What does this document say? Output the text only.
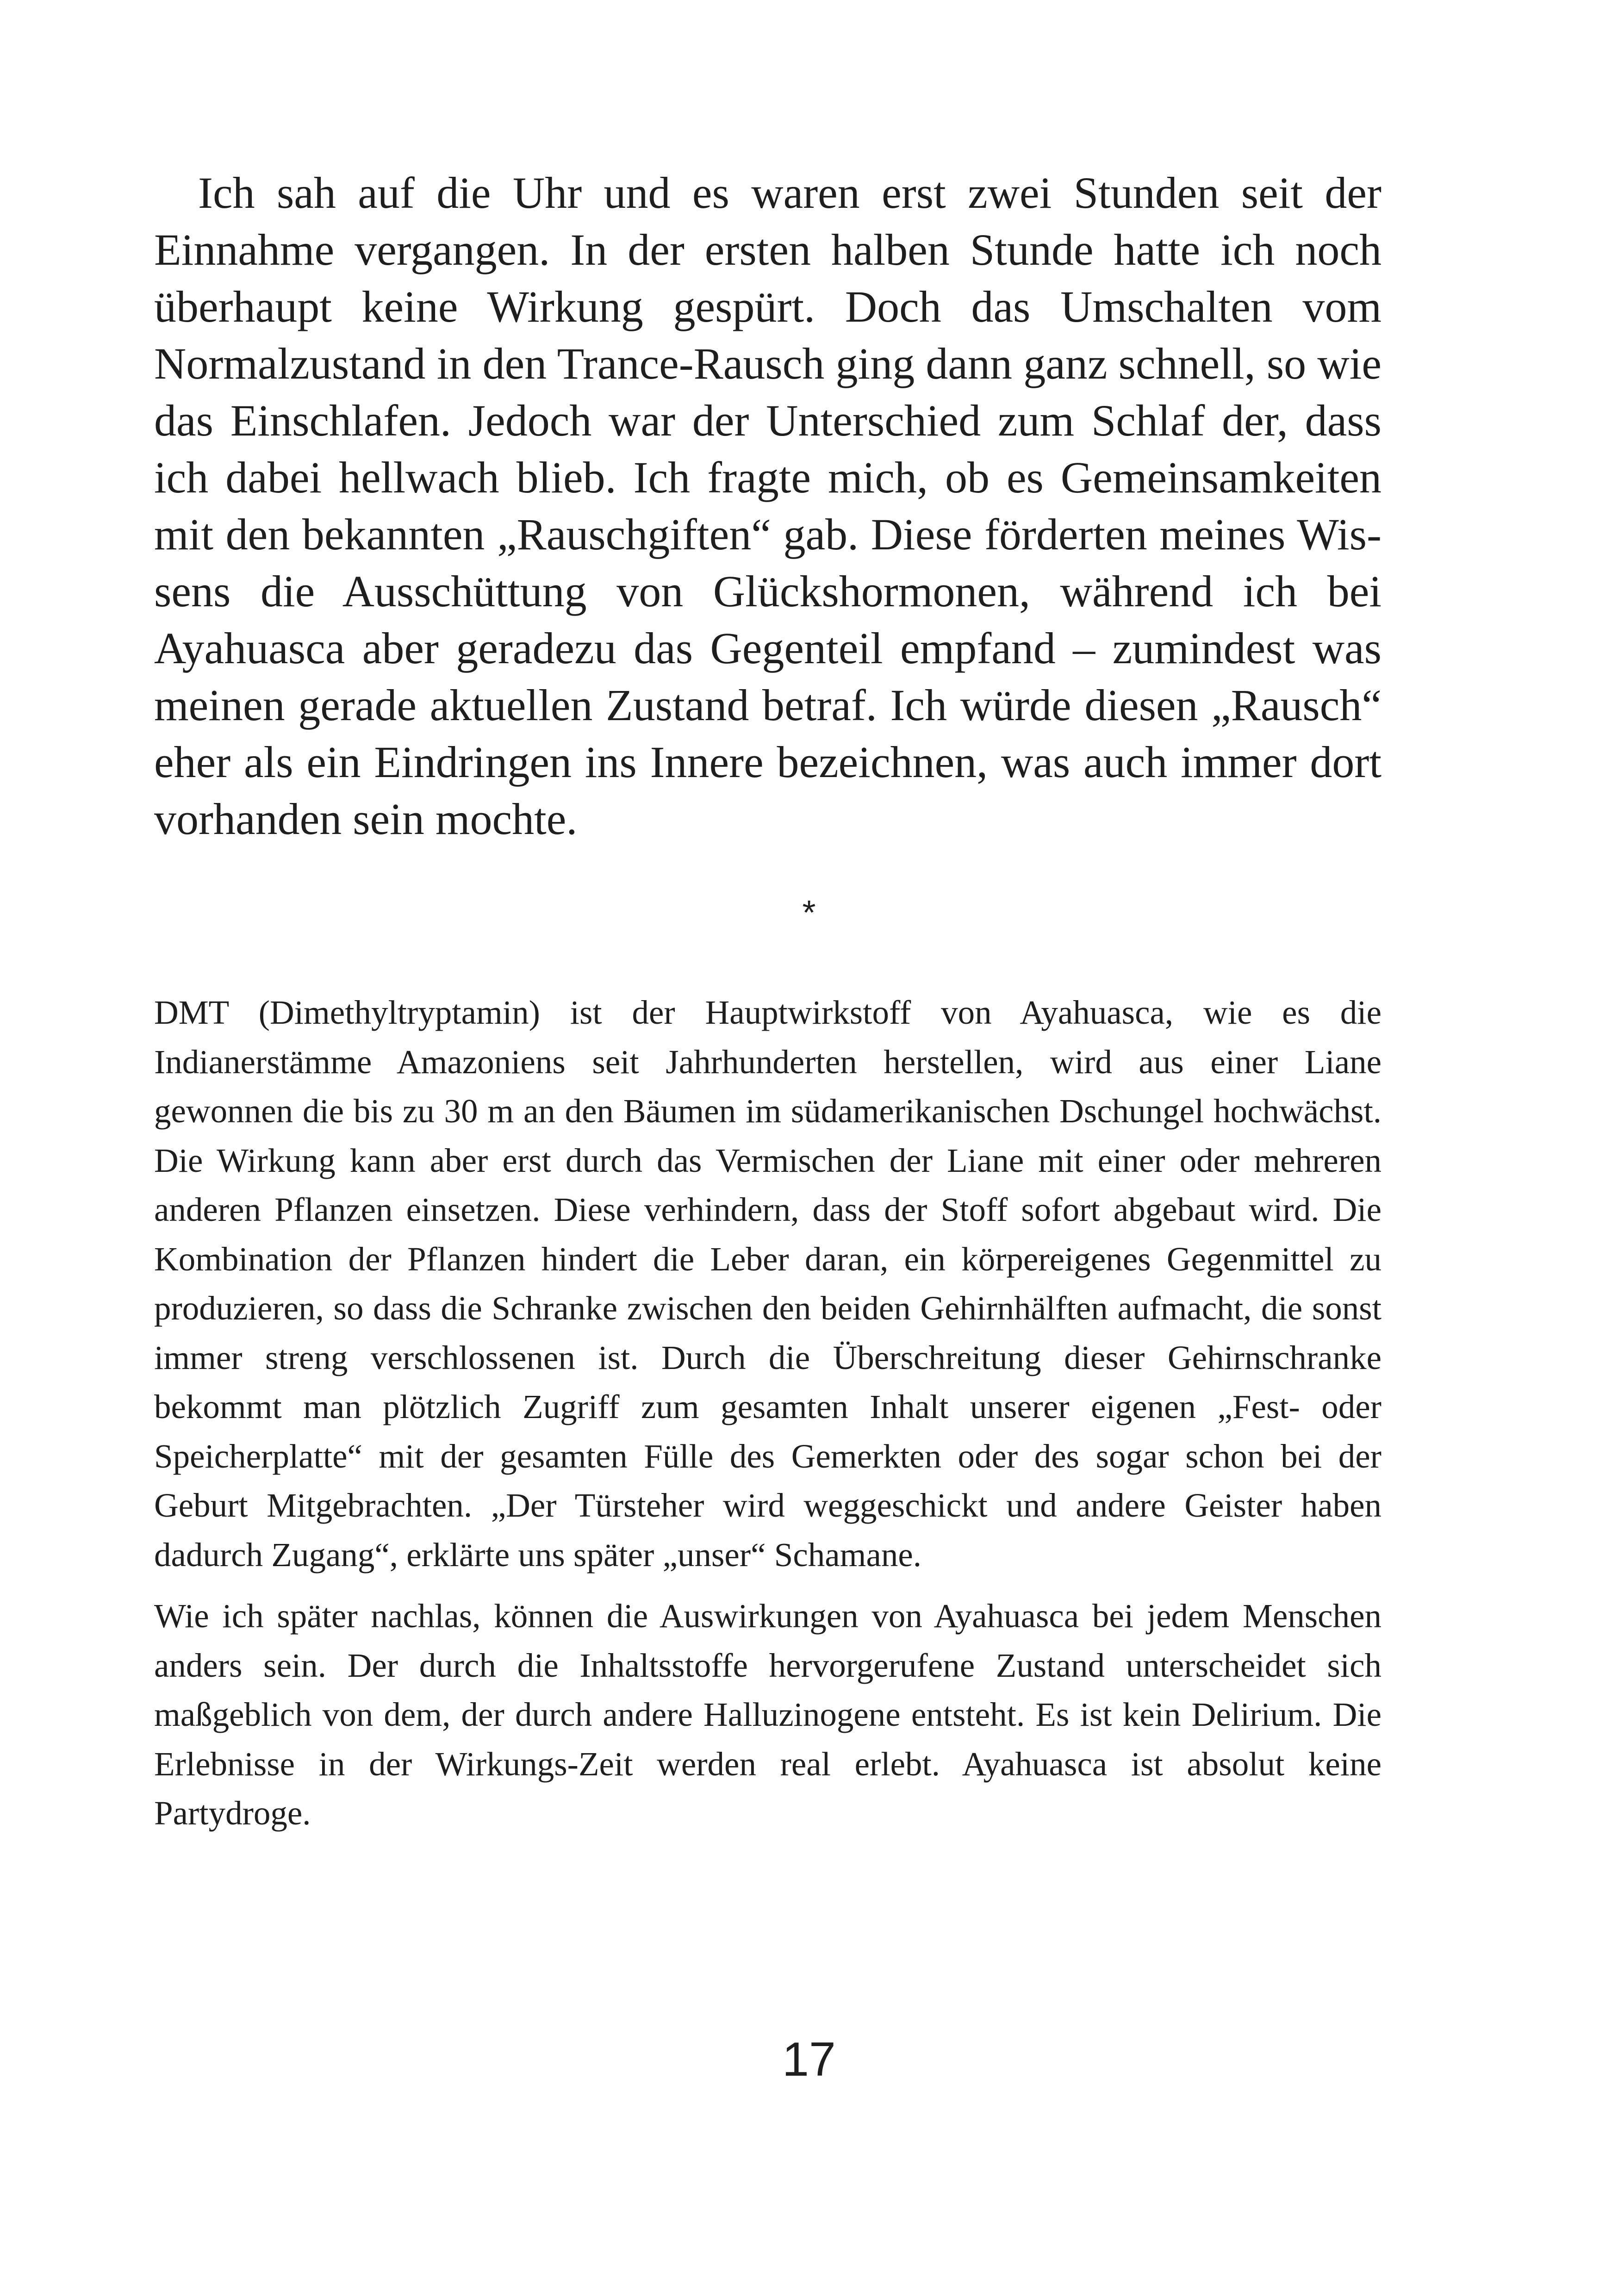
Ich sah auf die Uhr und es waren erst zwei Stunden seit der Einnahme vergangen. In der ersten halben Stunde hatte ich noch überhaupt keine Wirkung gespürt. Doch das Umschalten vom Normalzustand in den Trance-Rausch ging dann ganz schnell, so wie das Einschlafen. Jedoch war der Unterschied zum Schlaf der, dass ich dabei hellwach blieb. Ich fragte mich, ob es Gemeinsamkeiten mit den bekannten „Rauschgiften“ gab. Diese förderten meines Wissens die Ausschüttung von Glückshormonen, während ich bei Ayahuasca aber geradezu das Gegenteil empfand – zumindest was meinen gerade aktuellen Zustand betraf. Ich würde diesen „Rausch“ eher als ein Eindringen ins Innere bezeichnen, was auch immer dort vorhanden sein mochte.

*

DMT (Dimethyltryptamin) ist der Hauptwirkstoff von Ayahuasca, wie es die Indianerstämme Amazoniens seit Jahrhunderten herstellen, wird aus einer Liane gewonnen die bis zu 30 m an den Bäumen im südamerikanischen Dschungel hochwächst. Die Wirkung kann aber erst durch das Vermischen der Liane mit einer oder mehreren anderen Pflanzen einsetzen. Diese verhindern, dass der Stoff sofort abgebaut wird. Die Kombination der Pflanzen hindert die Leber daran, ein körpereigenes Gegenmittel zu produzieren, so dass die Schranke zwischen den beiden Gehirnhälften aufmacht, die sonst immer streng verschlossenen ist. Durch die Überschreitung dieser Gehirnschranke bekommt man plötzlich Zugriff zum gesamten Inhalt unserer eigenen „Fest- oder Speicherplatte“ mit der gesamten Fülle des Gemerkten oder des sogar schon bei der Geburt Mitgebrachten. „Der Türsteher wird weggeschickt und andere Geister haben dadurch Zugang“, erklärte uns später „unser“ Schamane.

Wie ich später nachlas, können die Auswirkungen von Ayahuasca bei jedem Menschen anders sein. Der durch die Inhaltsstoffe hervorgerufene Zustand unterscheidet sich maßgeblich von dem, der durch andere Halluzinogene entsteht. Es ist kein Delirium. Die Erlebnisse in der Wirkungs-Zeit werden real erlebt. Ayahuasca ist absolut keine Partydroge.

17
